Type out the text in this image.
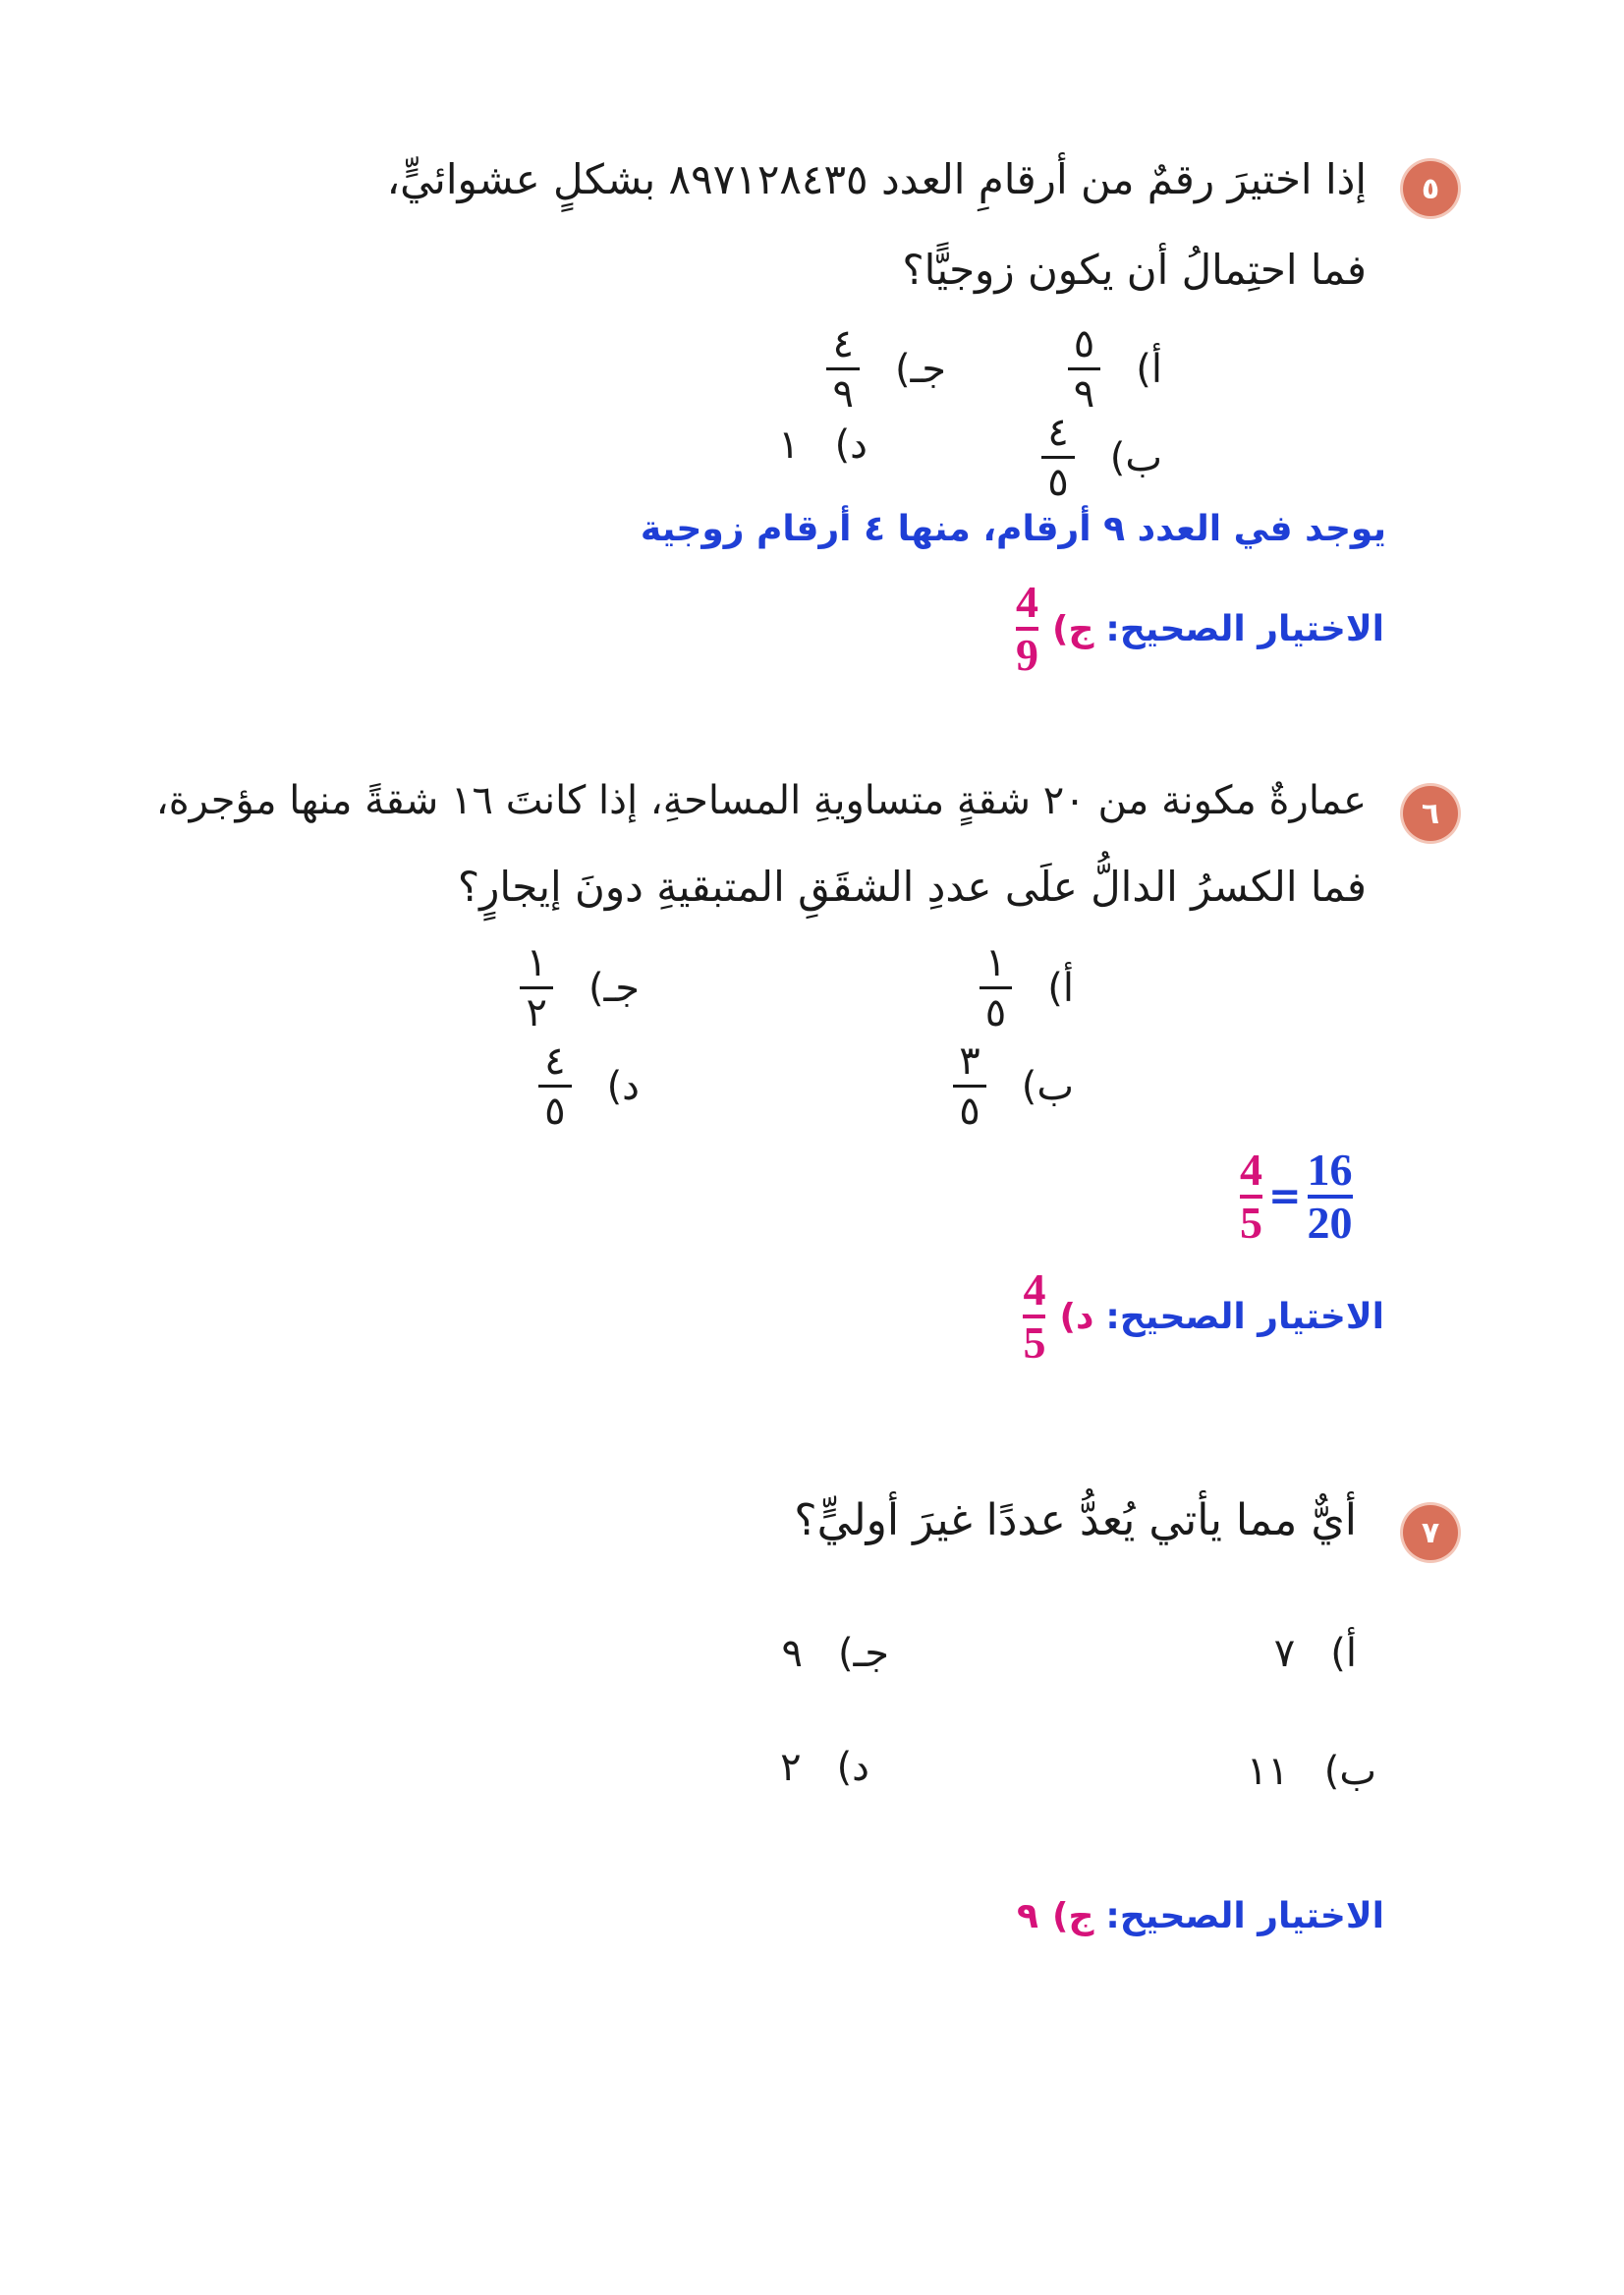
٥
إذا اختيرَ رقمٌ من أرقامِ العدد ٨٩٧١٢٨٤٣٥ بشكلٍ عشوائيٍّ،
فما احتِمالُ أن يكون زوجيًّا؟
أ)
$\frac{٥}{٩}$
ب)
$\frac{٤}{٥}$
جـ)
$\frac{٤}{٩}$
د)
١
يوجد في العدد ٩ أرقام، منها ٤ أرقام زوجية
الاختيار الصحيح:
ج)
4
9
٦
عمارةٌ مكونة من ٢٠ شقةٍ متساويةِ المساحةِ، إذا كانتَ ١٦ شقةً منها مؤجرة،
فما الكسرُ الدالُّ علَى عددِ الشقَقِ المتبقيةِ دونَ إيجارٍ؟
أ)
$\frac{١}{٥}$
ب)
$\frac{٣}{٥}$
جـ)
$\frac{١}{٢}$
د)
$\frac{٤}{٥}$
4
5
=
16
20
الاختيار الصحيح:
د)
4
5
٧
أيٌّ مما يأتي يُعدُّ عددًا غيرَ أوليٍّ؟
أ)
٧
ب)
١١
جـ)
٩
د)
٢
الاختيار الصحيح:
ج)
٩
